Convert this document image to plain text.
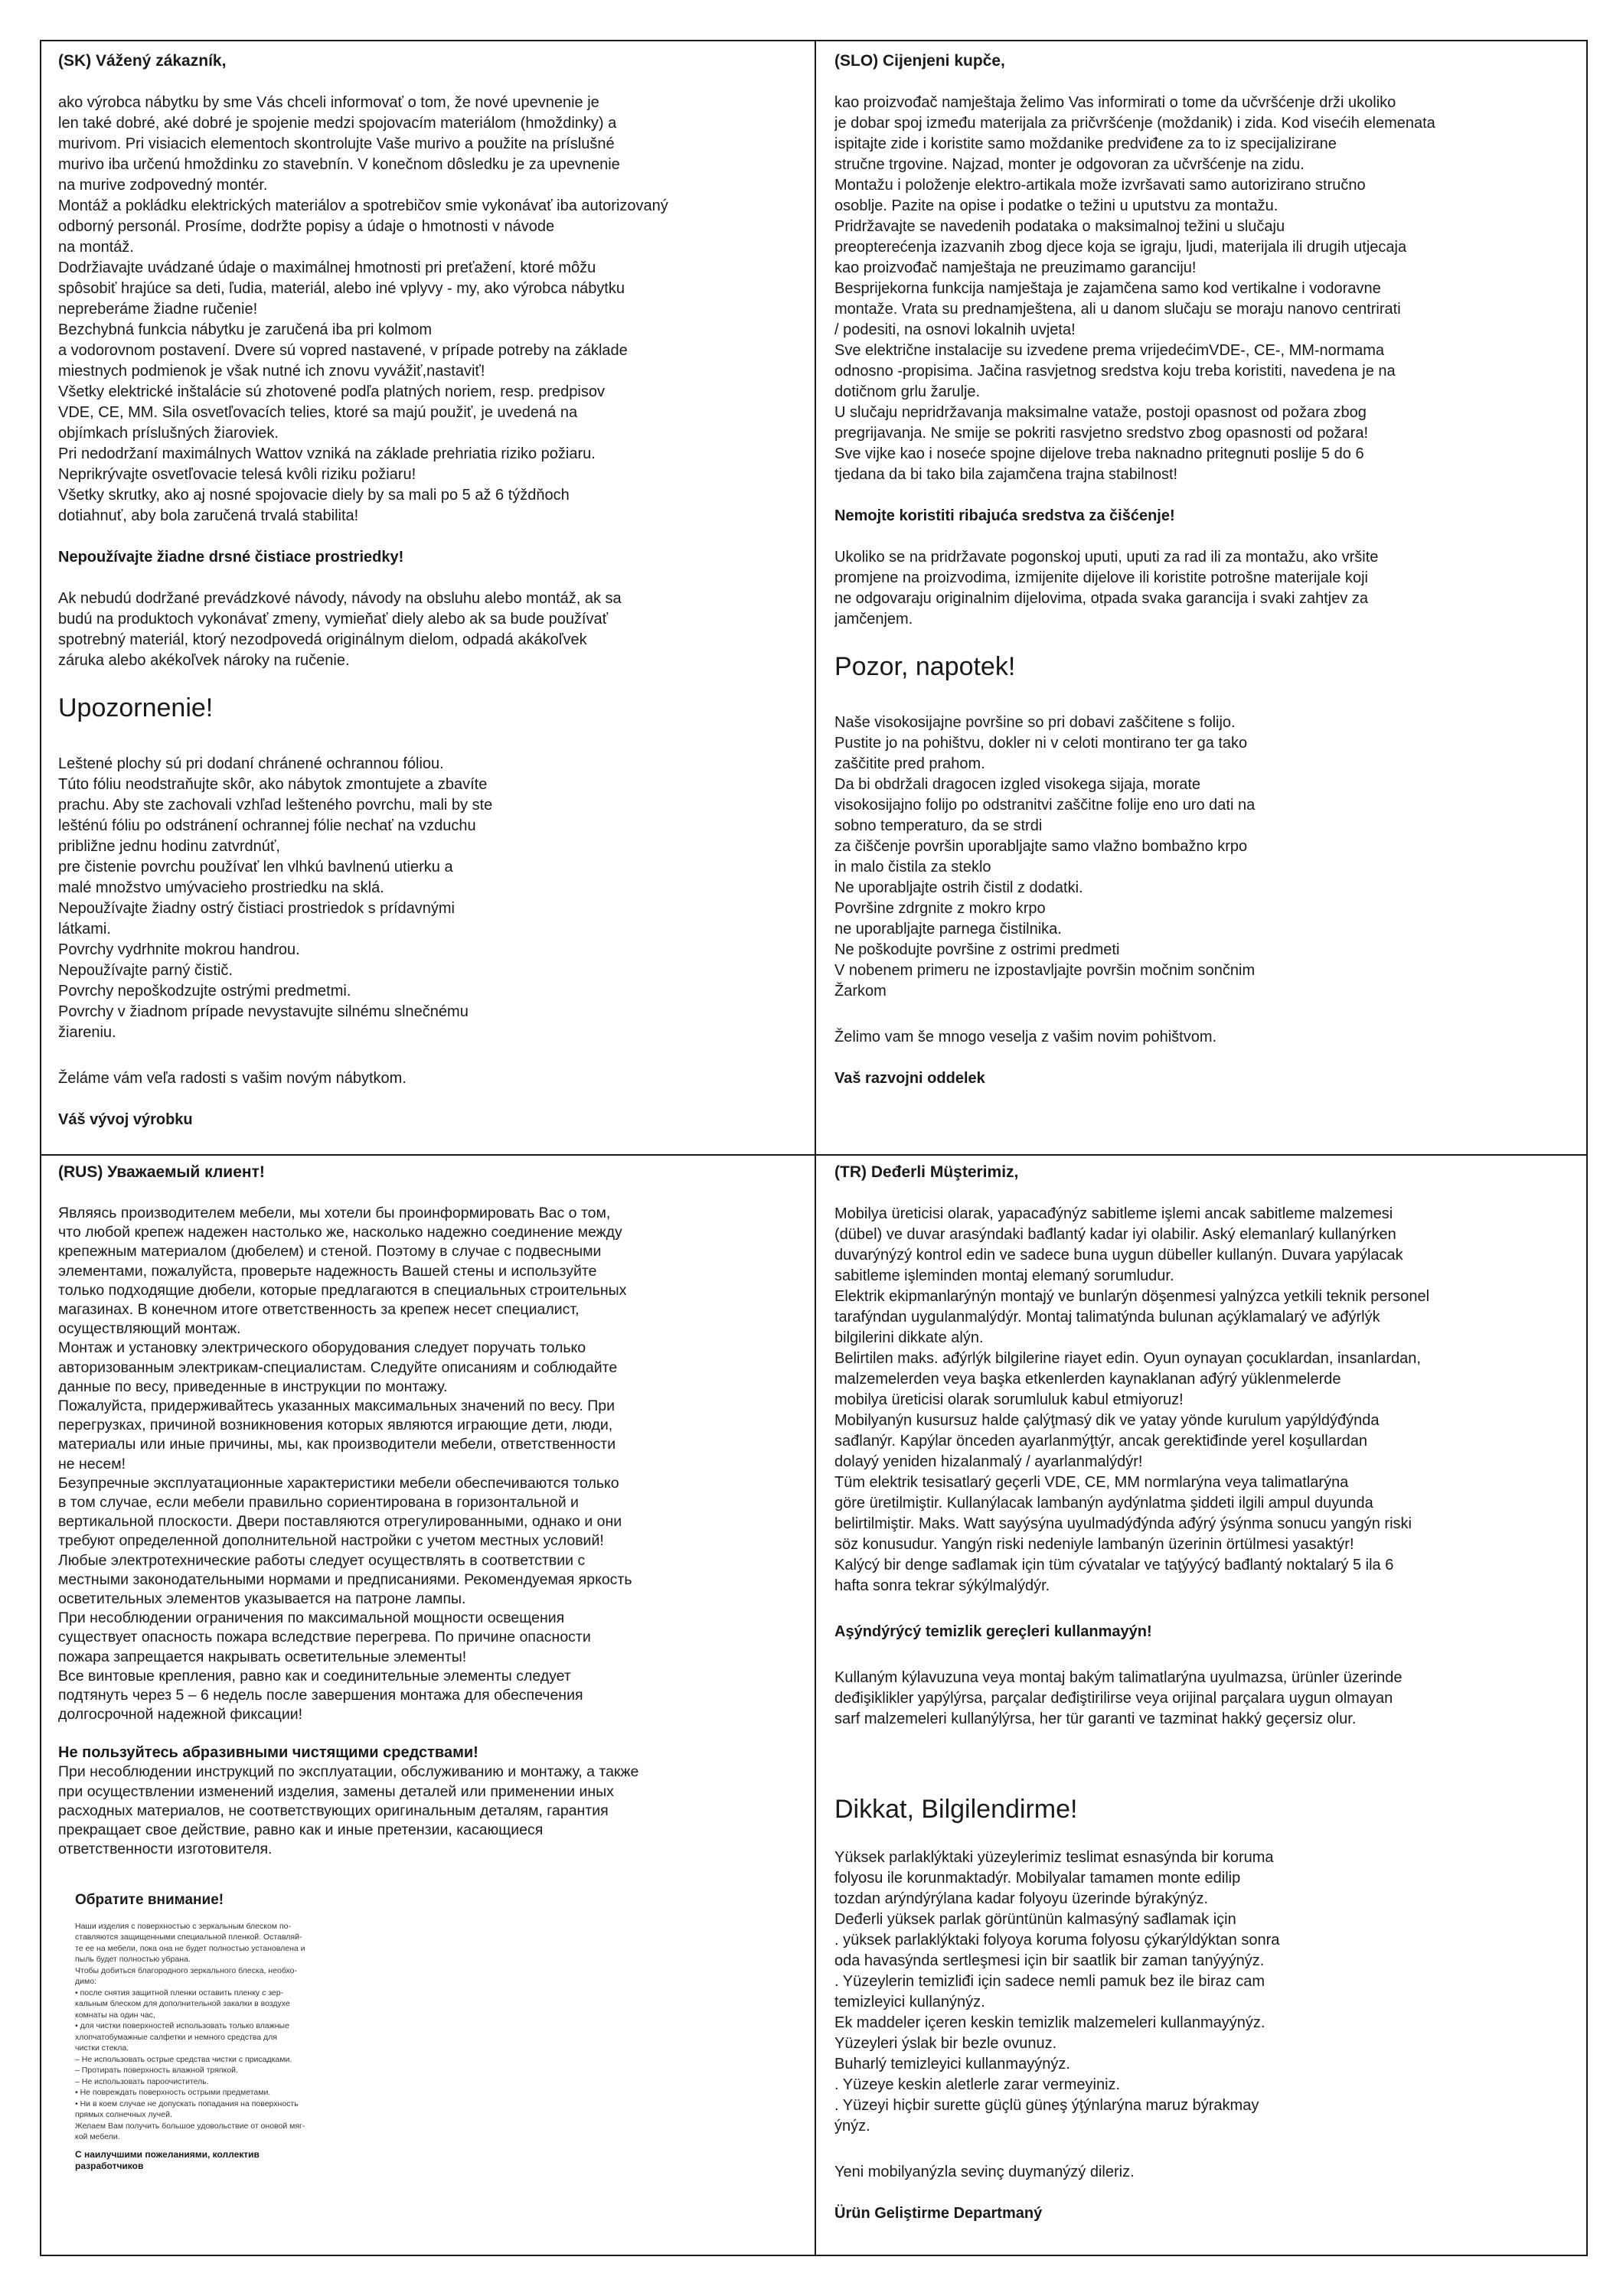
(SK) Vážený zákazník,

ako výrobca nábytku by sme Vás chceli informovať o tom, že nové upevnenie je
len také dobré, aké dobré je spojenie medzi spojovacím materiálom (hmoždinky) a
murivom. Pri visiacich elementoch skontrolujte Vaše murivo a použite na príslušné
murivo iba určenú hmoždinku zo stavebnín. V konečnom dôsledku je za upevnenie
na murive zodpovedný montér.
Montáž a pokládku elektrických materiálov a spotrebičov smie vykonávať iba autorizovaný
odborný personál. Prosíme, dodržte popisy a údaje o hmotnosti v návode
na montáž.
Dodržiavajte uvádzané údaje o maximálnej hmotnosti pri preťažení, ktoré môžu
spôsobiť hrajúce sa deti, ľudia, materiál, alebo iné vplyvy - my, ako výrobca nábytku
nepreberáme žiadne ručenie!
Bezchybná funkcia nábytku je zaručená iba pri kolmom
a vodorovnom postavení. Dvere sú vopred nastavené, v prípade potreby na základe
miestnych podmienok je však nutné ich znovu vyvážiť,nastaviť!
Všetky elektrické inštalácie sú zhotovené podľa platných noriem, resp. predpisov
VDE, CE, MM. Sila osvetľovacích telies, ktoré sa majú použiť, je uvedená na
objímkach príslušných žiaroviek.
Pri nedodržaní maximálnych Wattov vzniká na základe prehriatia riziko požiaru.
Neprikrývajte osvetľovacie telesá kvôli riziku požiaru!
Všetky skrutky, ako aj nosné spojovacie diely by sa mali po 5 až 6 týždňoch
dotiahnuť, aby bola zaručená trvalá stabilita!

Nepoužívajte žiadne drsné čistiace prostriedky!

Ak nebudú dodržané prevádzkové návody, návody na obsluhu alebo montáž, ak sa
budú na produktoch vykonávať zmeny, vymieňať diely alebo ak sa bude používať
spotrebný materiál, ktorý nezodpovedá originálnym dielom, odpadá akákoľvek
záruka alebo akékoľvek nároky na ručenie.

Upozornenie!

Leštené plochy sú pri dodaní chránené ochrannou fóliou.
Túto fóliu neodstraňujte skôr, ako nábytok zmontujete a zbavíte
prachu. Aby ste zachovali vzhľad lešteného povrchu, mali by ste
lešténú fóliu po odstránení ochrannej fólie nechať na vzduchu
približne jednu hodinu zatvrdnúť,
pre čistenie povrchu používať len vlhkú bavlnenú utierku a
malé množstvo umývacieho prostriedku na sklá.
Nepoužívajte žiadny ostrý čistiaci prostriedok s prídavnými
látkami.
Povrchy vydrhnite mokrou handrou.
Nepoužívajte parný čistič.
Povrchy nepoškodzujte ostrými predmetmi.
Povrchy v žiadnom prípade nevystavujte silnému slnečnému
žiareniu.

Želáme vám veľa radosti s vašim novým nábytkom.

Váš vývoj výrobku

(SLO) Cijenjeni kupče,

kao proizvođač namještaja želimo Vas informirati o tome da učvršćenje drži ukoliko
je dobar spoj između materijala za pričvršćenje (moždanik) i zida. Kod visećih elemenata
ispitajte zide i koristite samo moždanike predviđene za to iz specijalizirane
stručne trgovine. Najzad, monter je odgovoran za učvršćenje na zidu.
Montažu i položenje elektro-artikala može izvršavati samo autorizirano stručno
osoblje. Pazite na opise i podatke o težini u uputstvu za montažu.
Pridržavajte se navedenih podataka o maksimalnoj težini u slučaju
preopterećenja izazvanih zbog djece koja se igraju, ljudi, materijala ili drugih utjecaja
kao proizvođač namještaja ne preuzimamo garanciju!
Besprijekorna funkcija namještaja je zajamčena samo kod vertikalne i vodoravne
montaže. Vrata su prednamještena, ali u danom slučaju se moraju nanovo centrirati
/ podesiti, na osnovi lokalnih uvjeta!
Sve električne instalacije su izvedene prema vrijedećimVDE-, CE-, MM-normama
odnosno -propisima. Jačina rasvjetnog sredstva koju treba koristiti, navedena je na
dotičnom grlu žarulje.
U slučaju nepridržavanja maksimalne vataže, postoji opasnost od požara zbog
pregrijavanja. Ne smije se pokriti rasvjetno sredstvo zbog opasnosti od požara!
Sve vijke kao i noseće spojne dijelove treba naknadno pritegnuti poslije 5 do 6
tjedana da bi tako bila zajamčena trajna stabilnost!

Nemojte koristiti ribajuća sredstva za čišćenje!

Ukoliko se na pridržavate pogonskoj uputi, uputi za rad ili za montažu, ako vršite
promjene na proizvodima, izmijenite dijelove ili koristite potrošne materijale koji
ne odgovaraju originalnim dijelovima, otpada svaka garancija i svaki zahtjev za
jamčenjem.

Pozor, napotek!

Naše visokosijajne površine so pri dobavi zaščitene s folijo.
Pustite jo na pohištvu, dokler ni v celoti montirano ter ga tako
zaščitite pred prahom.
Da bi obdržali dragocen izgled visokega sijaja, morate
visokosijajno folijo po odstranitvi zaščitne folije eno uro dati na
sobno temperaturo, da se strdi
za čiščenje površin uporabljajte samo vlažno bombažno krpo
in malo čistila za steklo
Ne uporabljajte ostrih čistil z dodatki.
Površine zdrgnite z mokro krpo
ne uporabljajte parnega čistilnika.
Ne poškodujte površine z ostrimi predmeti
V nobenem primeru ne izpostavljajte površin močnim sončnim
Žarkom

Želimo vam še mnogo veselja z vašim novim pohištvom.

Vaš razvojni oddelek

(RUS) Уважаемый клиент!

Являясь производителем мебели, мы хотели бы проинформировать Вас о том,
что любой крепеж надежен настолько же, насколько надежно соединение между
крепежным материалом (дюбелем) и стеной. Поэтому в случае с подвесными
элементами, пожалуйста, проверьте надежность Вашей стены и используйте
только подходящие дюбели, которые предлагаются в специальных строительных
магазинах. В конечном итоге ответственность за крепеж несет специалист,
осуществляющий монтаж.
Монтаж и установку электрического оборудования следует поручать только
авторизованным электрикам-специалистам. Следуйте описаниям и соблюдайте
данные по весу, приведенные в инструкции по монтажу.
Пожалуйста, придерживайтесь указанных максимальных значений по весу. При
перегрузках, причиной возникновения которых являются играющие дети, люди,
материалы или иные причины, мы, как производители мебели, ответственности
не несем!
Безупречные эксплуатационные характеристики мебели обеспечиваются только
в том случае, если мебели правильно сориентирована в горизонтальной и
вертикальной плоскости. Двери поставляются отрегулированными, однако и они
требуют определенной дополнительной настройки с учетом местных условий!
Любые электротехнические работы следует осуществлять в соответствии с
местными законодательными нормами и предписаниями. Рекомендуемая яркость
осветительных элементов указывается на патроне лампы.
При несоблюдении ограничения по максимальной мощности освещения
существует опасность пожара вследствие перегрева. По причине опасности
пожара запрещается накрывать осветительные элементы!
Все винтовые крепления, равно как и соединительные элементы следует
подтянуть через 5 – 6 недель после завершения монтажа для обеспечения
долгосрочной надежной фиксации!

Не пользуйтесь абразивными чистящими средствами!

При несоблюдении инструкций по эксплуатации, обслуживанию и монтажу, а также
при осуществлении изменений изделия, замены деталей или применении иных
расходных материалов, не соответствующих оригинальным деталям, гарантия
прекращает свое действие, равно как и иные претензии, касающиеся
ответственности изготовителя.

Обратите внимание!

Наши изделия с поверхностью с зеркальным блеском по-
ставляются защищенными специальной пленкой. Оставляй-
те ее на мебели, пока она не будет полностью установлена и
пыль будет полностью убрана.
Чтобы добиться благородного зеркального блеска, необхо-
димо:
• после снятия защитной пленки оставить пленку с зер-
кальным блеском для дополнительной закалки в воздухе
комнаты на один час,
• для чистки поверхностей использовать только влажные
хлопчатобумажные салфетки и немного средства для
чистки стекла.
– Не использовать острые средства чистки с присадками.
– Протирать поверхность влажной тряпкой.
– Не использовать пароочиститель.
• Не повреждать поверхность острыми предметами.
• Ни в коем случае не допускать попадания на поверхность
прямых солнечных лучей.
Желаем Вам получить большое удовольствие от оновой мяг-
кой мебели.

С наилучшими пожеланиями, коллектив
разработчиков

(TR) Deđerli Müşterimiz,

Mobilya üreticisi olarak, yapacađýnýz sabitleme işlemi ancak sabitleme malzemesi
(dübel) ve duvar arasýndaki bađlantý kadar iyi olabilir. Aský elemanlarý kullanýrken
duvarýnýzý kontrol edin ve sadece buna uygun dübeller kullanýn. Duvara yapýlacak
sabitleme işleminden montaj elemaný sorumludur.
Elektrik ekipmanlarýnýn montajý ve bunlarýn döşenmesi yalnýzca yetkili teknik personel
tarafýndan uygulanmalýdýr. Montaj talimatýnda bulunan açýklamalarý ve ađýrlýk
bilgilerini dikkate alýn.
Belirtilen maks. ađýrlýk bilgilerine riayet edin. Oyun oynayan çocuklardan, insanlardan,
malzemelerden veya başka etkenlerden kaynaklanan ađýrý yüklenmelerde
mobilya üreticisi olarak sorumluluk kabul etmiyoruz!
Mobilyanýn kusursuz halde çalýţmasý dik ve yatay yönde kurulum yapýldýđýnda
sađlanýr. Kapýlar önceden ayarlanmýţtýr, ancak gerektiđinde yerel koşullardan
dolayý yeniden hizalanmalý / ayarlanmalýdýr!
Tüm elektrik tesisatlarý geçerli VDE, CE, MM normlarýna veya talimatlarýna
göre üretilmiştir. Kullanýlacak lambanýn aydýnlatma şiddeti ilgili ampul duyunda
belirtilmiştir. Maks. Watt sayýsýna uyulmadýđýnda ađýrý ýsýnma sonucu yangýn riski
söz konusudur. Yangýn riski nedeniyle lambanýn üzerinin örtülmesi yasaktýr!
Kalýcý bir denge sađlamak için tüm cývatalar ve taţýyýcý bađlantý noktalarý 5 ila 6
hafta sonra tekrar sýkýlmalýdýr.

Aşýndýrýcý temizlik gereçleri kullanmayýn!

Kullaným kýlavuzuna veya montaj bakým talimatlarýna uyulmazsa, ürünler üzerinde
deđişiklikler yapýlýrsa, parçalar deđiştirilirse veya orijinal parçalara uygun olmayan
sarf malzemeleri kullanýlýrsa, her tür garanti ve tazminat hakký geçersiz olur.

Dikkat, Bilgilendirme!

Yüksek parlaklýktaki yüzeylerimiz teslimat esnasýnda bir koruma
folyosu ile korunmaktadýr. Mobilyalar tamamen monte edilip
tozdan arýndýrýlana kadar folyoyu üzerinde býrakýnýz.
Deđerli yüksek parlak görüntünün kalmasýný sađlamak için
. yüksek parlaklýktaki folyoya koruma folyosu çýkarýldýktan sonra
oda havasýnda sertleşmesi için bir saatlik bir zaman tanýyýnýz.
. Yüzeylerin temizliđi için sadece nemli pamuk bez ile biraz cam
temizleyici kullanýnýz.
Ek maddeler içeren keskin temizlik malzemeleri kullanmayýnýz.
Yüzeyleri ýslak bir bezle ovunuz.
Buharlý temizleyici kullanmayýnýz.
. Yüzeye keskin aletlerle zarar vermeyiniz.
. Yüzeyi hiçbir surette güçlü güneş ýţýnlarýna maruz býrakmay
ýnýz.

Yeni mobilyanýzla sevinç duymanýzý dileriz.

Ürün Geliştirme Departmaný
